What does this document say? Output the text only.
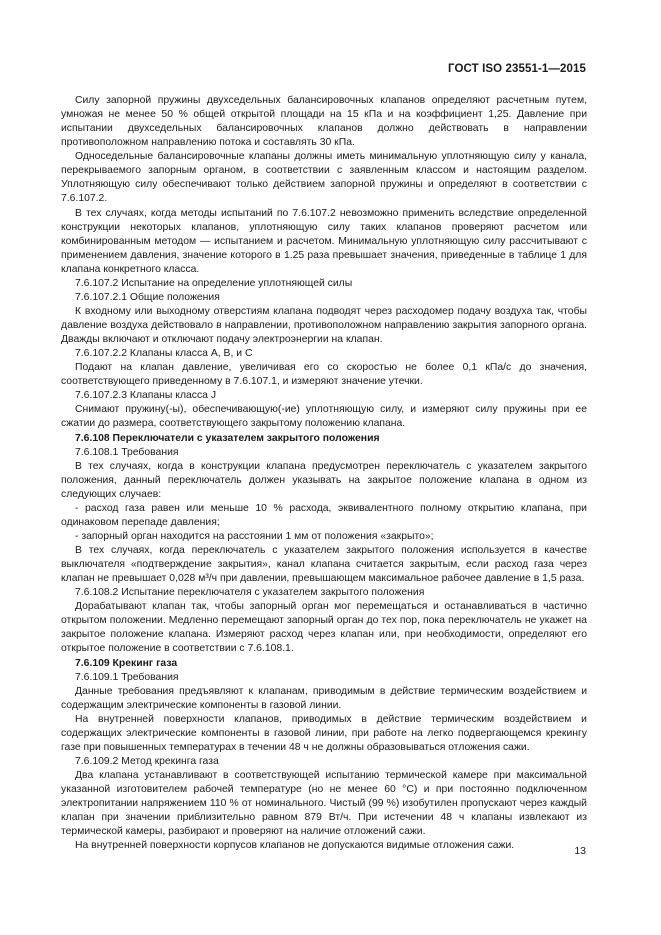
ГОСТ ISO 23551-1—2015

Силу запорной пружины двухседельных балансировочных клапанов определяют расчетным путем, умножая не менее 50 % общей открытой площади на 15 кПа и на коэффициент 1,25. Давление при испытании двухседельных балансировочных клапанов должно действовать в направлении противоположном направлению потока и составлять 30 кПа.

Односедельные балансировочные клапаны должны иметь минимальную уплотняющую силу у канала, перекрываемого запорным органом, в соответствии с заявленным классом и настоящим разделом. Уплотняющую силу обеспечивают только действием запорной пружины и определяют в соответствии с 7.6.107.2.

В тех случаях, когда методы испытаний по 7.6.107.2 невозможно применить вследствие определенной конструкции некоторых клапанов, уплотняющую силу таких клапанов проверяют расчетом или комбинированным методом — испытанием и расчетом. Минимальную уплотняющую силу рассчитывают с применением давления, значение которого в 1.25 раза превышает значения, приведенные в таблице 1 для клапана конкретного класса.

7.6.107.2 Испытание на определение уплотняющей силы

7.6.107.2.1 Общие положения

К входному или выходному отверстиям клапана подводят через расходомер подачу воздуха так, чтобы давление воздуха действовало в направлении, противоположном направлению закрытия запорного органа. Дважды включают и отключают подачу электроэнергии на клапан.

7.6.107.2.2 Клапаны класса А, В, и С

Подают на клапан давление, увеличивая его со скоростью не более 0,1 кПа/с до значения, соответствующего приведенному в 7.6.107.1, и измеряют значение утечки.

7.6.107.2.3 Клапаны класса J

Снимают пружину(-ы), обеспечивающую(-ие) уплотняющую силу, и измеряют силу пружины при ее сжатии до размера, соответствующего закрытому положению клапана.

7.6.108 Переключатели с указателем закрытого положения

7.6.108.1 Требования

В тех случаях, когда в конструкции клапана предусмотрен переключатель с указателем закрытого положения, данный переключатель должен указывать на закрытое положение клапана в одном из следующих случаев:

- расход газа равен или меньше 10 % расхода, эквивалентного полному открытию клапана, при одинаковом перепаде давления;

- запорный орган находится на расстоянии 1 мм от положения «закрыто»;

В тех случаях, когда переключатель с указателем закрытого положения используется в качестве выключателя «подтверждение закрытия», канал клапана считается закрытым, если расход газа через клапан не превышает 0,028 м³/ч при давлении, превышающем максимальное рабочее давление в 1,5 раза.

7.6.108.2 Испытание переключателя с указателем закрытого положения

Дорабатывают клапан так, чтобы запорный орган мог перемещаться и останавливаться в частично открытом положении. Медленно перемещают запорный орган до тех пор, пока переключатель не укажет на закрытое положение клапана. Измеряют расход через клапан или, при необходимости, определяют его открытое положение в соответствии с 7.6.108.1.

7.6.109 Крекинг газа

7.6.109.1 Требования

Данные требования предъявляют к клапанам, приводимым в действие термическим воздействием и содержащим электрические компоненты в газовой линии.

На внутренней поверхности клапанов, приводимых в действие термическим воздействием и содержащих электрические компоненты в газовой линии, при работе на легко подвергающемся крекингу газе при повышенных температурах в течении 48 ч не должны образовываться отложения сажи.

7.6.109.2 Метод крекинга газа

Два клапана устанавливают в соответствующей испытанию термической камере при максимальной указанной изготовителем рабочей температуре (но не менее 60 °С) и при постоянно подключенном электропитании напряжением 110 % от номинального. Чистый (99 %) изобутилен пропускают через каждый клапан при значении приблизительно равном 879 Вт/ч. При истечении 48 ч клапаны извлекают из термической камеры, разбирают и проверяют на наличие отложений сажи.

На внутренней поверхности корпусов клапанов не допускаются видимые отложения сажи.	13
